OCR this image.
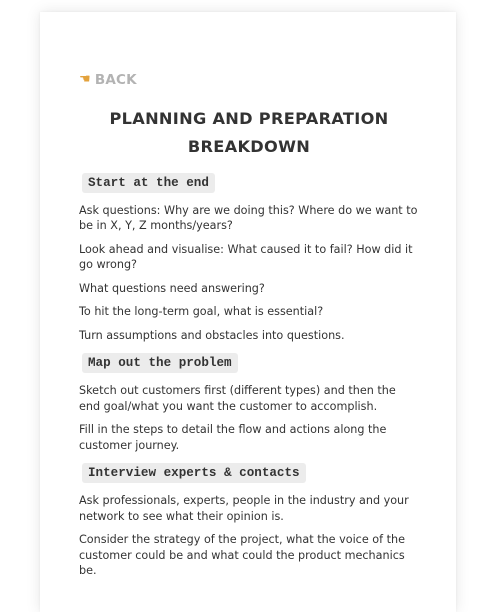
☚ BACK
PLANNING AND PREPARATION
BREAKDOWN
Start at the end

Ask questions: Why are we doing this? Where do we want to be in X, Y, Z months/years?

Look ahead and visualise: What caused it to fail? How did it go wrong?

What questions need answering?

To hit the long-term goal, what is essential?

Turn assumptions and obstacles into questions.

Map out the problem

Sketch out customers first (different types) and then the end goal/what you want the customer to accomplish.

Fill in the steps to detail the flow and actions along the customer journey.

Interview experts & contacts

Ask professionals, experts, people in the industry and your network to see what their opinion is.

Consider the strategy of the project, what the voice of the customer could be and what could the product mechanics be.
